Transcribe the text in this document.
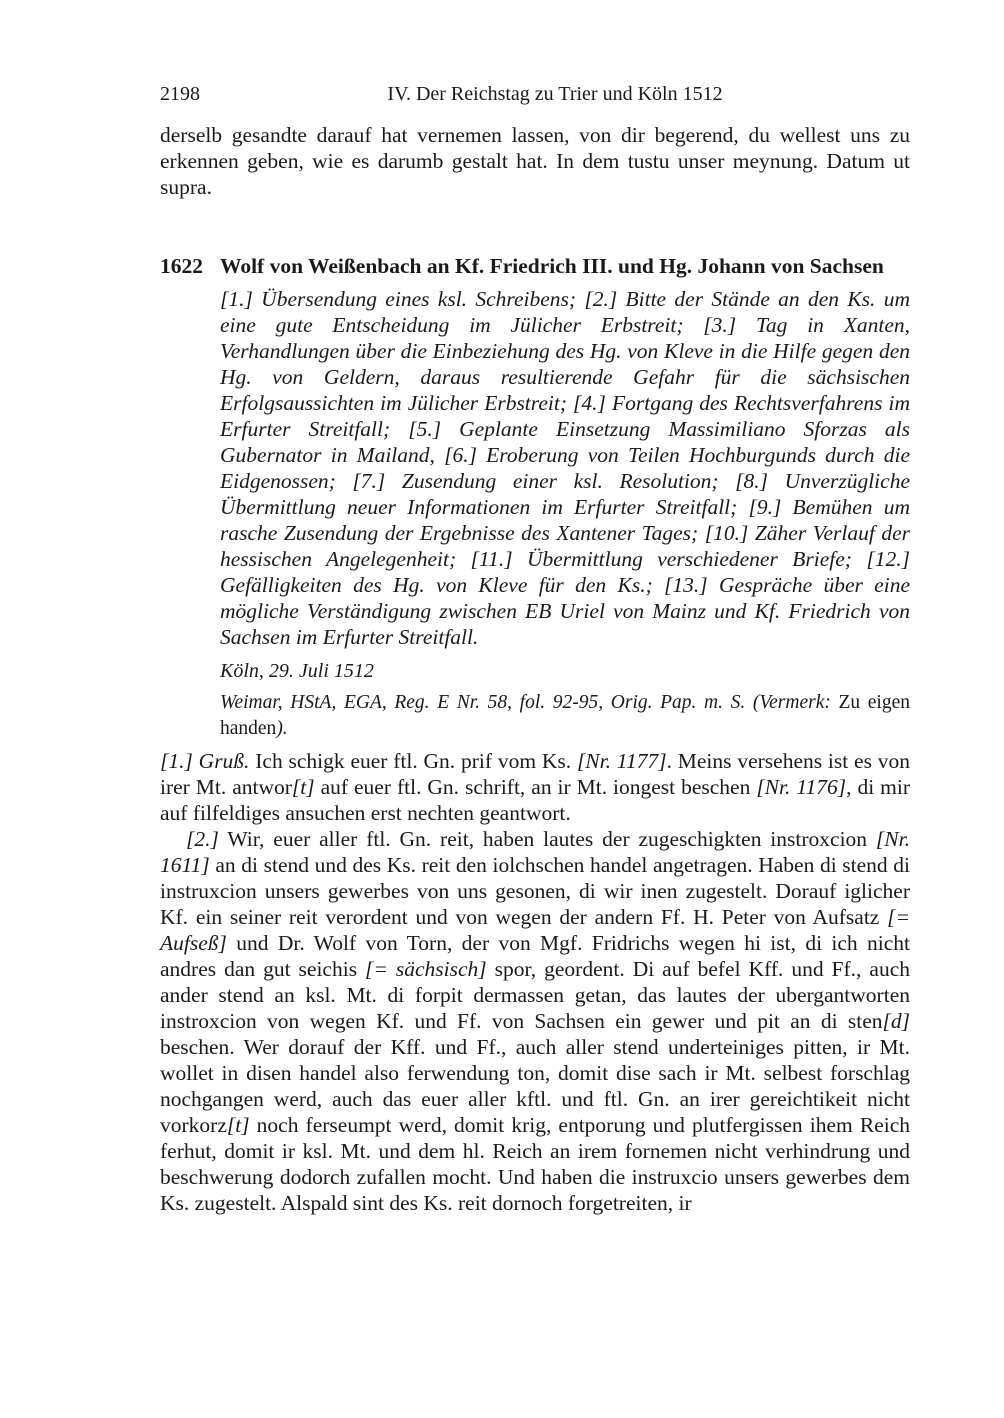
2198	IV. Der Reichstag zu Trier und Köln 1512

derselb gesandte darauf hat vernemen lassen, von dir begerend, du wellest uns zu erkennen geben, wie es darumb gestalt hat. In dem tustu unser meynung. Datum ut supra.

1622 Wolf von Weißenbach an Kf. Friedrich III. und Hg. Johann von Sachsen
[1.] Übersendung eines ksl. Schreibens; [2.] Bitte der Stände an den Ks. um eine gute Entscheidung im Jülicher Erbstreit; [3.] Tag in Xanten, Verhandlungen über die Einbeziehung des Hg. von Kleve in die Hilfe gegen den Hg. von Geldern, daraus resultierende Gefahr für die sächsischen Erfolgsaussichten im Jülicher Erbstreit; [4.] Fortgang des Rechtsverfahrens im Erfurter Streitfall; [5.] Geplante Einsetzung Massimiliano Sforzas als Gubernator in Mailand, [6.] Eroberung von Teilen Hochburgunds durch die Eidgenossen; [7.] Zusendung einer ksl. Resolution; [8.] Unverzügliche Übermittlung neuer Informationen im Erfurter Streitfall; [9.] Bemühen um rasche Zusendung der Ergebnisse des Xantener Tages; [10.] Zäher Verlauf der hessischen Angelegenheit; [11.] Übermittlung verschiedener Briefe; [12.] Gefälligkeiten des Hg. von Kleve für den Ks.; [13.] Gespräche über eine mögliche Verständigung zwischen EB Uriel von Mainz und Kf. Friedrich von Sachsen im Erfurter Streitfall.
Köln, 29. Juli 1512
Weimar, HStA, EGA, Reg. E Nr. 58, fol. 92-95, Orig. Pap. m. S. (Vermerk: Zu eigen handen).

[1.] Gruß. Ich schigk euer ftl. Gn. prif vom Ks. [Nr. 1177]. Meins versehens ist es von irer Mt. antwor[t] auf euer ftl. Gn. schrift, an ir Mt. iongest beschen [Nr. 1176], di mir auf filfeldiges ansuchen erst nechten geantwort.

[2.] Wir, euer aller ftl. Gn. reit, haben lautes der zugeschigkten instroxcion [Nr. 1611] an di stend und des Ks. reit den iolchschen handel angetragen. Haben di stend di instruxcion unsers gewerbes von uns gesonen, di wir inen zugestelt. Dorauf iglicher Kf. ein seiner reit verordent und von wegen der andern Ff. H. Peter von Aufsatz [= Aufseß] und Dr. Wolf von Torn, der von Mgf. Fridrichs wegen hi ist, di ich nicht andres dan gut seichis [= sächsisch] spor, geordent. Di auf befel Kff. und Ff., auch ander stend an ksl. Mt. di forpit dermassen getan, das lautes der ubergantworten instroxcion von wegen Kf. und Ff. von Sachsen ein gewer und pit an di sten[d] beschen. Wer dorauf der Kff. und Ff., auch aller stend underteiniges pitten, ir Mt. wollet in disen handel also ferwendung ton, domit dise sach ir Mt. selbest forschlag nochgangen werd, auch das euer aller kftl. und ftl. Gn. an irer gereichtikeit nicht vorkorz[t] noch ferseumpt werd, domit krig, entporung und plutfergissen ihem Reich ferhut, domit ir ksl. Mt. und dem hl. Reich an irem fornemen nicht verhindrung und beschwerung dodorch zufallen mocht. Und haben die instruxcio unsers gewerbes dem Ks. zugestelt. Alspald sint des Ks. reit dornoch forgetreiten, ir
